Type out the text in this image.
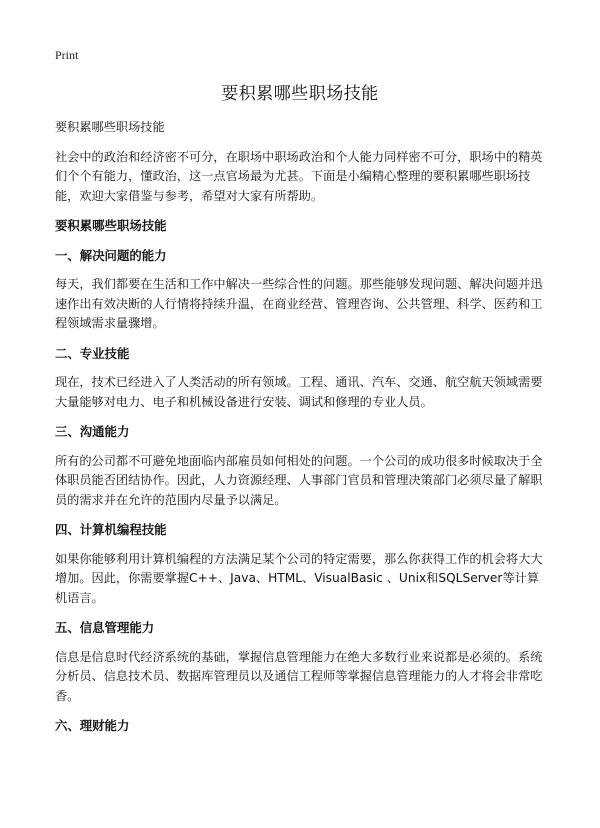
Print
要积累哪些职场技能

要积累哪些职场技能

社会中的政治和经济密不可分，在职场中职场政治和个人能力同样密不可分，职场中的精英们个个有能力，懂政治，这一点官场最为尤甚。下面是小编精心整理的要积累哪些职场技能，欢迎大家借鉴与参考，希望对大家有所帮助。

要积累哪些职场技能
一、解决问题的能力

每天，我们都要在生活和工作中解决一些综合性的问题。那些能够发现问题、解决问题并迅速作出有效决断的人行情将持续升温，在商业经营、管理咨询、公共管理、科学、医药和工程领域需求量骤增。

二、专业技能

现在，技术已经进入了人类活动的所有领域。工程、通讯、汽车、交通、航空航天领域需要大量能够对电力、电子和机械设备进行安装、调试和修理的专业人员。

三、沟通能力

所有的公司都不可避免地面临内部雇员如何相处的问题。一个公司的成功很多时候取决于全体职员能否团结协作。因此，人力资源经理、人事部门官员和管理决策部门必须尽量了解职员的需求并在允许的范围内尽量予以满足。

四、计算机编程技能

如果你能够利用计算机编程的方法满足某个公司的特定需要，那么你获得工作的机会将大大增加。因此，你需要掌握C++、Java、HTML、VisualBasic 、Unix和SQLServer等计算机语言。

五、信息管理能力

信息是信息时代经济系统的基础，掌握信息管理能力在绝大多数行业来说都是必须的。系统分析员、信息技术员、数据库管理员以及通信工程师等掌握信息管理能力的人才将会非常吃香。

六、理财能力
